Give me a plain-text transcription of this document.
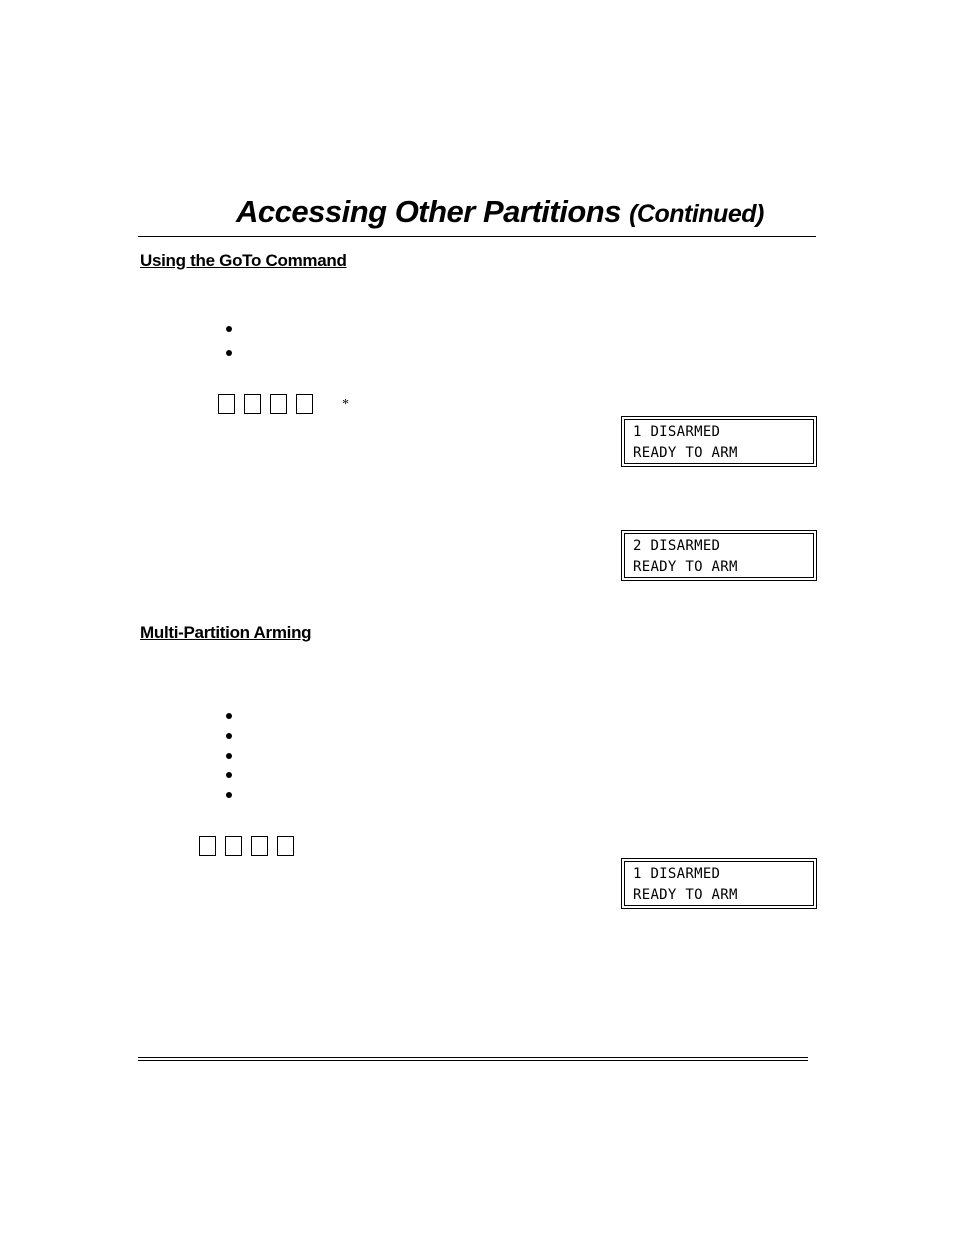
Accessing Other Partitions (Continued)
Using the GoTo Command
*
1 DISARMED
READY TO ARM
2 DISARMED
READY TO ARM
Multi-Partition Arming
1 DISARMED
READY TO ARM
